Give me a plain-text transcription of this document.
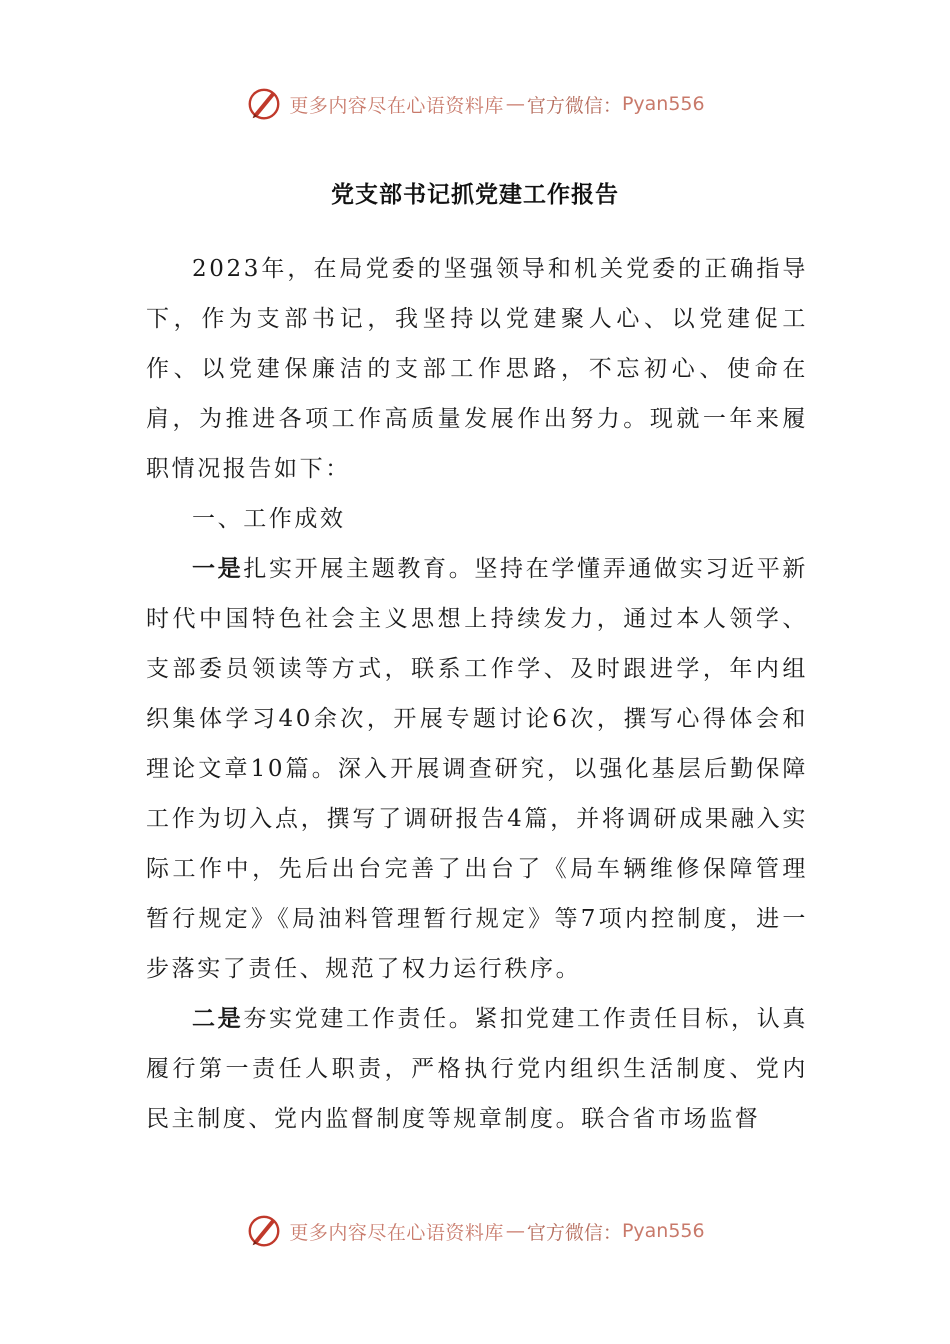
更多内容尽在心语资料库 — 官方微信： Pyan556
党支部书记抓党建工作报告

2023年，在局党委的坚强领导和机关党委的正确指导下，作为支部书记，我坚持以党建聚人心、以党建促工作、以党建保廉洁的支部工作思路，不忘初心、使命在肩，为推进各项工作高质量发展作出努力。现就一年来履职情况报告如下：

一、工作成效

一是扎实开展主题教育。坚持在学懂弄通做实习近平新时代中国特色社会主义思想上持续发力，通过本人领学、支部委员领读等方式，联系工作学、及时跟进学，年内组织集体学习40余次，开展专题讨论6次，撰写心得体会和理论文章10篇。深入开展调查研究，以强化基层后勤保障工作为切入点，撰写了调研报告4篇，并将调研成果融入实际工作中，先后出台完善了出台了《局车辆维修保障管理暂行规定》《局油料管理暂行规定》等7项内控制度，进一步落实了责任、规范了权力运行秩序。

二是夯实党建工作责任。紧扣党建工作责任目标，认真履行第一责任人职责，严格执行党内组织生活制度、党内民主制度、党内监督制度等规章制度。联合省市场监督

更多内容尽在心语资料库 — 官方微信： Pyan556
